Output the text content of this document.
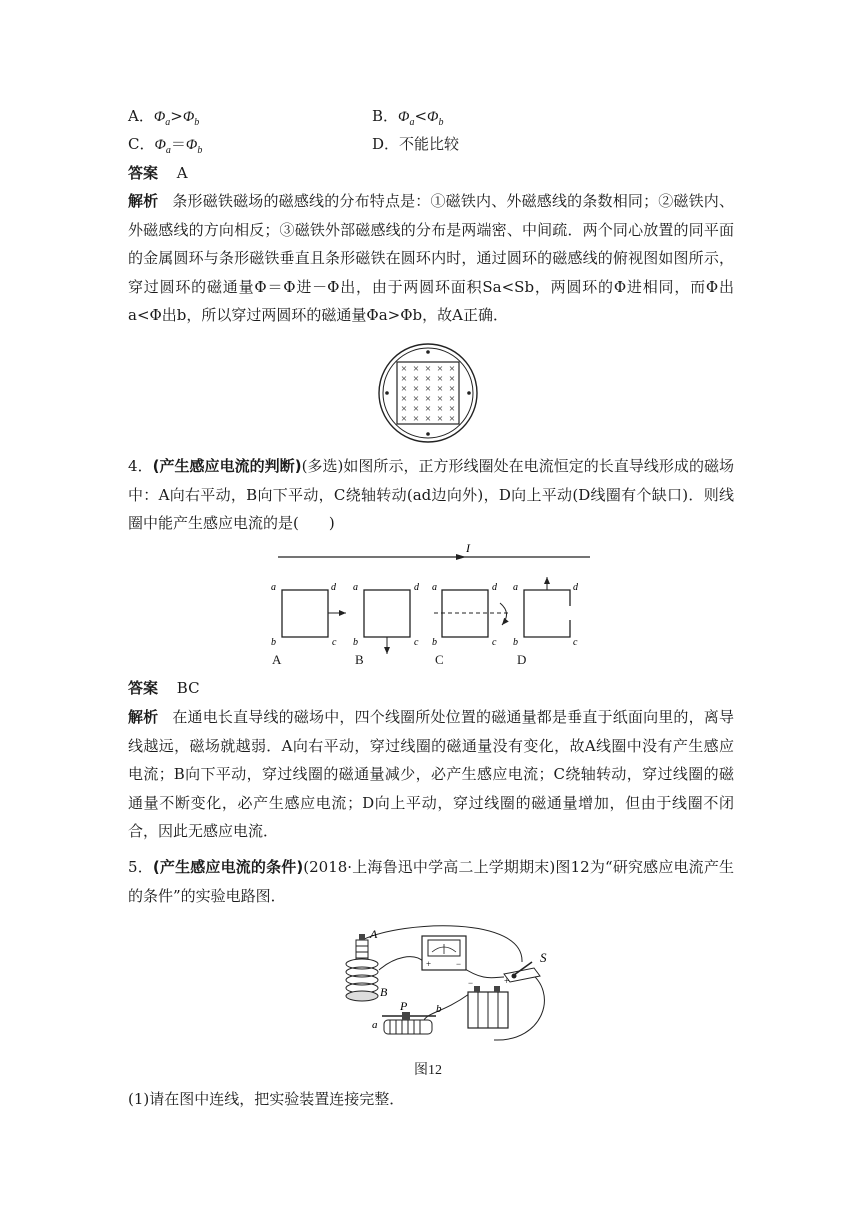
A．$\Phi_a>\Phi_b$	B．$\Phi_a<\Phi_b$
C．$\Phi_a=\Phi_b$	D．不能比较
答案 A
解析 条形磁铁磁场的磁感线的分布特点是：①磁铁内、外磁感线的条数相同；②磁铁内、外磁感线的方向相反；③磁铁外部磁感线的分布是两端密、中间疏．两个同心放置的同平面的金属圆环与条形磁铁垂直且条形磁铁在圆环内时，通过圆环的磁感线的俯视图如图所示，穿过圆环的磁通量Φ＝Φ进－Φ出，由于两圆环面积Sa<Sb，两圆环的Φ进相同，而Φ出a<Φ出b，所以穿过两圆环的磁通量Φa>Φb，故A正确．
× × × × ×
× × × × ×
× × × × ×
× × × × ×
× × × × ×
× × × × ×
4．(产生感应电流的判断)(多选)如图所示，正方形线圈处在电流恒定的长直导线形成的磁场中：A向右平动，B向下平动，C绕轴转动(ad边向外)，D向上平动(D线圈有个缺口)．则线圈中能产生感应电流的是(　　)
I
a	d
b	c
a	d
b	c
a	d
b	c
a	d
b	c
A	B	C	D
答案 BC
解析 在通电长直导线的磁场中，四个线圈所处位置的磁通量都是垂直于纸面向里的，离导线越远，磁场就越弱．A向右平动，穿过线圈的磁通量没有变化，故A线圈中没有产生感应电流；B向下平动，穿过线圈的磁通量减少，必产生感应电流；C绕轴转动，穿过线圈的磁通量不断变化，必产生感应电流；D向上平动，穿过线圈的磁通量增加，但由于线圈不闭合，因此无感应电流．
5．(产生感应电流的条件)(2018·上海鲁迅中学高二上学期期末)图12为“研究感应电流产生的条件”的实验电路图．
A
B
+	−	S
−	+
P
a
b
图12
(1)请在图中连线，把实验装置连接完整．
